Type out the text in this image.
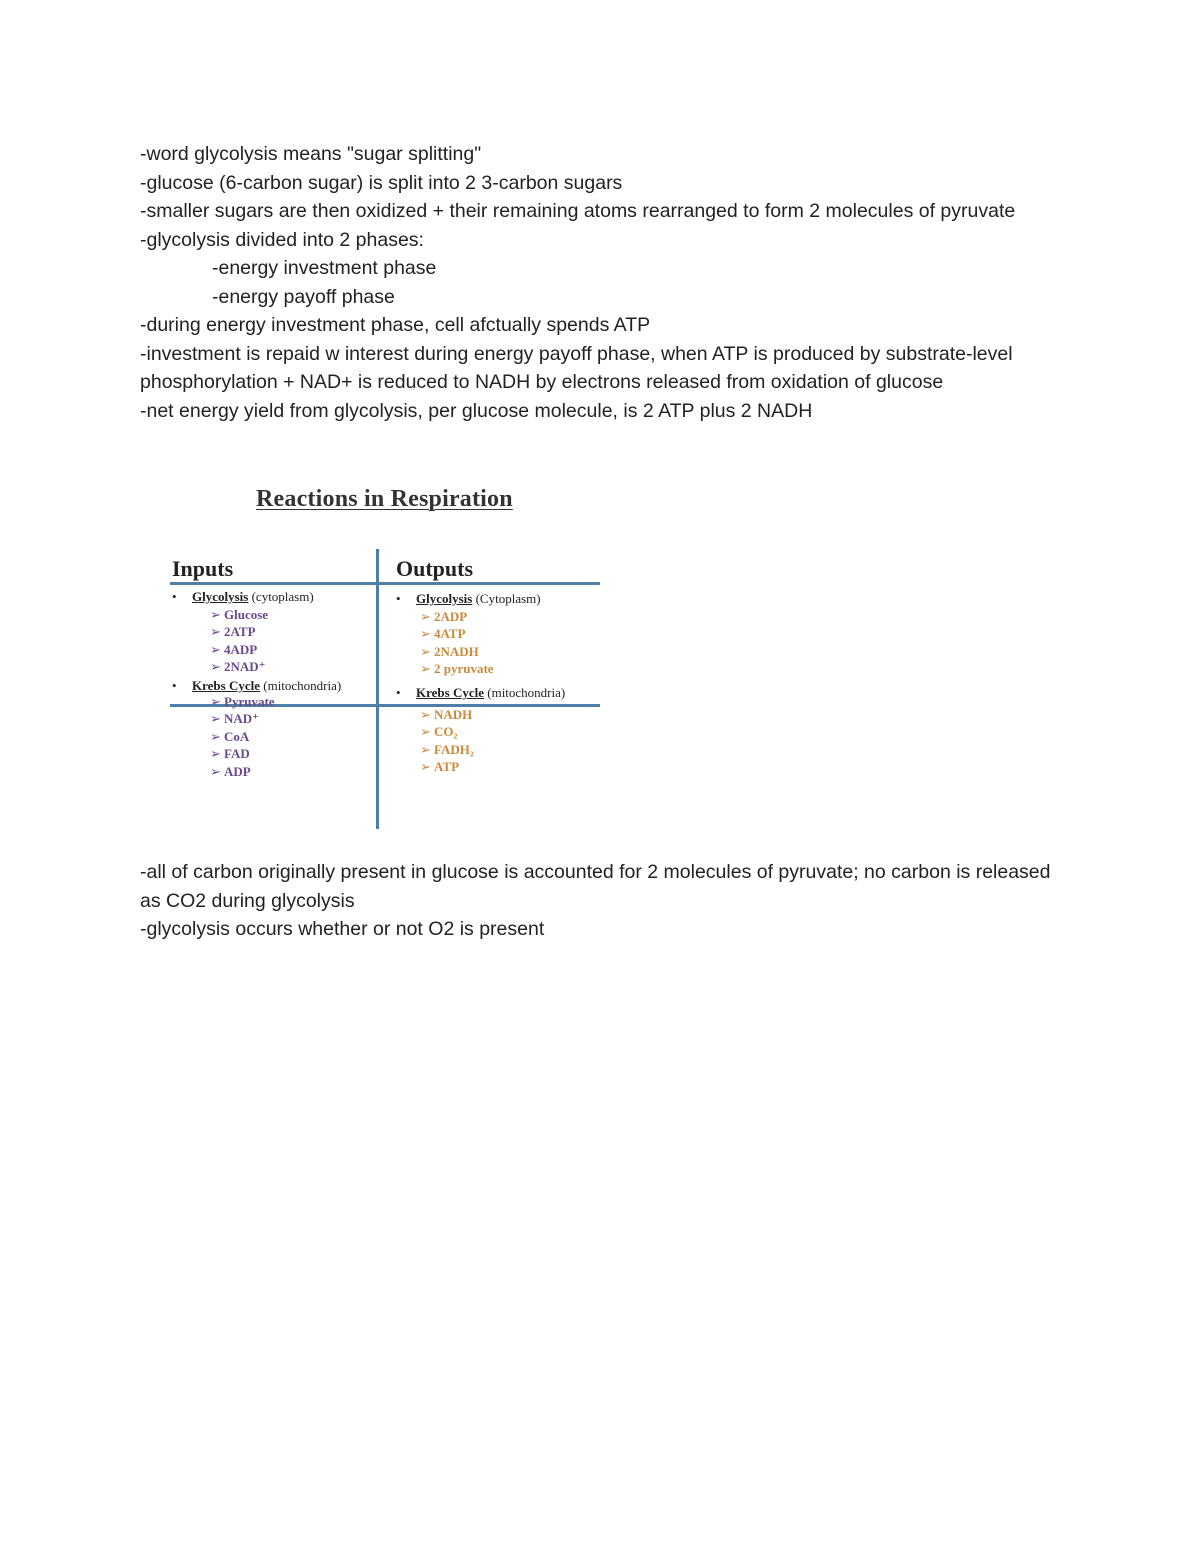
-word glycolysis means "sugar splitting"

-glucose (6-carbon sugar) is split into 2 3-carbon sugars

-smaller sugars are then oxidized + their remaining atoms rearranged to form 2 molecules of pyruvate

-glycolysis divided into 2 phases:

-energy investment phase

-energy payoff phase

-during energy investment phase, cell afctually spends ATP

-investment is repaid w interest during energy payoff phase, when ATP is produced by substrate-level phosphorylation + NAD+ is reduced to NADH by electrons released from oxidation of glucose

-net energy yield from glycolysis, per glucose molecule, is 2 ATP plus 2 NADH

Reactions in Respiration
Inputs	Outputs
• Glycolysis (cytoplasm)
➢ Glucose
➢ 2ATP
➢ 4ADP
➢ 2NAD⁺
• Krebs Cycle (mitochondria)
➢ Pyruvate
➢ NAD⁺
➢ CoA
➢ FAD
➢ ADP
• Glycolysis (Cytoplasm)
➢ 2ADP
➢ 4ATP
➢ 2NADH
➢ 2 pyruvate
• Krebs Cycle (mitochondria)
➢ NADH
➢ CO₂
➢ FADH₂
➢ ATP

-all of carbon originally present in glucose is accounted for 2 molecules of pyruvate; no carbon is released as CO2 during glycolysis

-glycolysis occurs whether or not O2 is present
